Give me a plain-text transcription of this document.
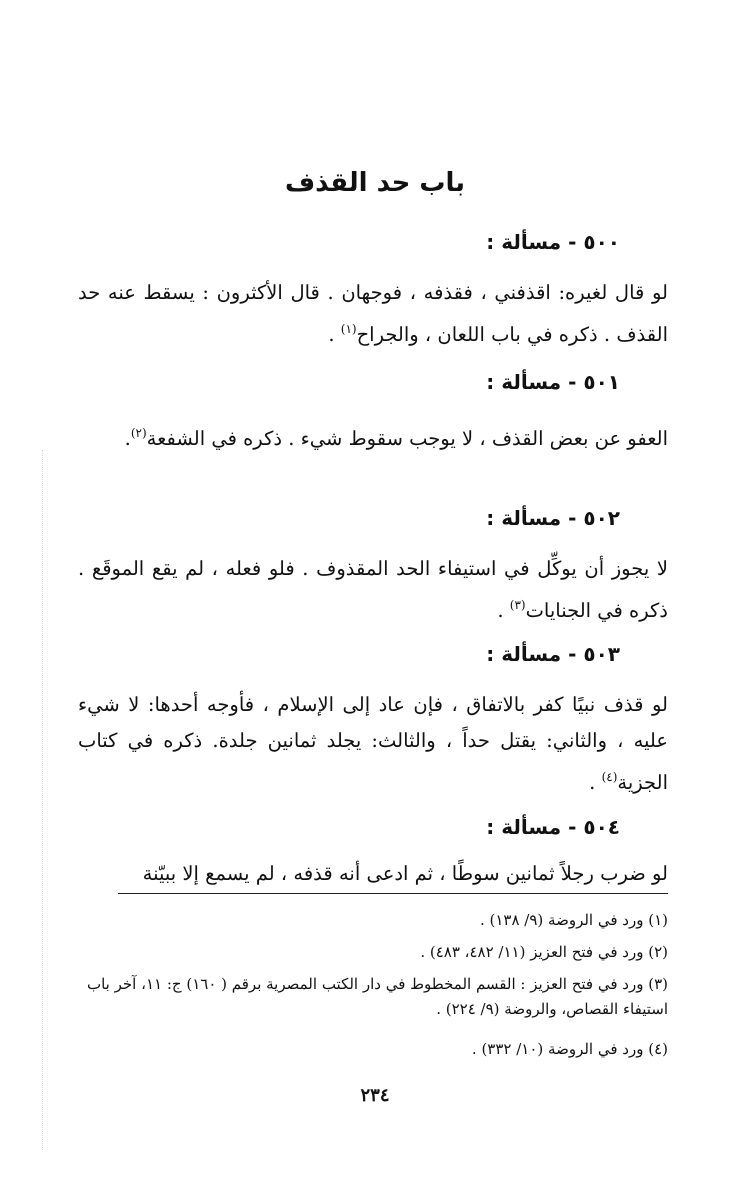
باب حد القذف
٥٠٠ - مسألة :

لو قال لغيره: اقذفني ، فقذفه ، فوجهان . قال الأكثرون : يسقط عنه حد القذف . ذكره في باب اللعان ، والجراح$^{(١)}$ .

٥٠١ - مسألة :

العفو عن بعض القذف ، لا يوجب سقوط شيء . ذكره في الشفعة$^{(٢)}$.

٥٠٢ - مسألة :

لا يجوز أن يوكِّل في استيفاء الحد المقذوف . فلو فعله ، لم يقع الموقَع . ذكره في الجنايات$^{(٣)}$ .

٥٠٣ - مسألة :

لو قذف نبيًا كفر بالاتفاق ، فإن عاد إلى الإسلام ، فأوجه أحدها: لا شيء عليه ، والثاني: يقتل حداً ، والثالث: يجلد ثمانين جلدة. ذكره في كتاب الجزية$^{(٤)}$ .

٥٠٤ - مسألة :

لو ضرب رجلاً ثمانين سوطًا ، ثم ادعى أنه قذفه ، لم يسمع إلا ببيّنة

(١) ورد في الروضة (٩/ ١٣٨) .

(٢) ورد في فتح العزيز (١١/ ٤٨٢، ٤٨٣) .

(٣) ورد في فتح العزيز : القسم المخطوط في دار الكتب المصرية برقم ( ١٦٠) ج: ١١، آخر باب استيفاء القصاص، والروضة (٩/ ٢٢٤) .

(٤) ورد في الروضة (١٠/ ٣٣٢) .

٢٣٤
